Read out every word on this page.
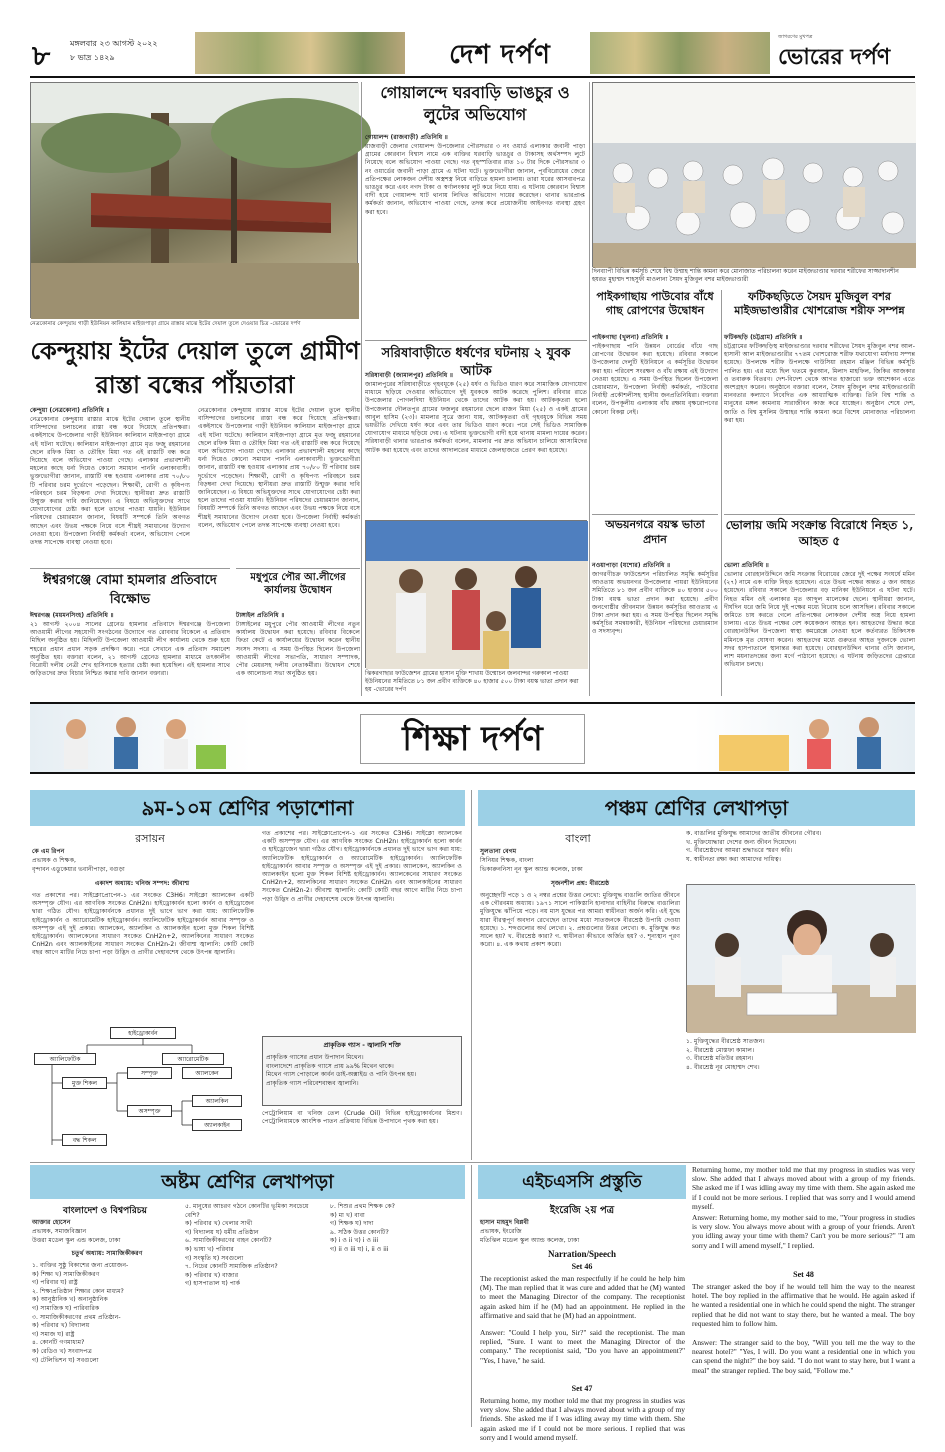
৮ মঙ্গলবার ২৩ আগস্ট ২০২২
৮ ভাদ্র ১৪২৯	দেশ দর্পণ
জাগরণের মুখপত্র
ভোরের দর্পণ
নেত্রকোনার কেন্দুয়ায় গাড়ী ইউনিয়ন কালিয়ান মাইজপাড়া গ্রামে রাস্তার মাঝে ইটের দেয়াল তুলে দেওয়ার চিত্র -ভোরের দর্পণ
গোয়ালন্দে ঘরবাড়ি ভাঙচুর ও লুটের অভিযোগ
গোয়ালন্দ (রাজবাড়ী) প্রতিনিধি ॥
রাজবাড়ী জেলার গোয়ালন্দ উপজেলার পৌরসভার ৩ নং ওয়ার্ড এলাকার জবানী পাড়া গ্রামের কোরবান বিশ্বাস নামে এক ব্যক্তির ঘরবাড়ি ভাঙচুর ও টাকাসহ অর্থসম্পদ লুটে নিয়েছে বলে অভিযোগ পাওয়া গেছে। গত বৃহস্পতিবার রাত ১০ টার দিকে পৌরসভার ৩ নং ওয়ার্ডের জবানী পাড়া গ্রামে এ ঘটনা ঘটে। ভুক্তভোগীরা জানান, পূর্ববিরোধের জেরে প্রতিপক্ষের লোকজন দেশীয় অস্ত্রশস্ত্র নিয়ে বাড়িতে হামলা চালায়। তারা ঘরের আসবাবপত্র ভাঙচুর করে এবং নগদ টাকা ও স্বর্ণালংকার লুট করে নিয়ে যায়। এ ঘটনায় কোরবান বিশ্বাস বাদী হয়ে গোয়ালন্দ ঘাট থানায় লিখিত অভিযোগ দায়ের করেছেন। থানার ভারপ্রাপ্ত কর্মকর্তা জানান, অভিযোগ পাওয়া গেছে, তদন্ত করে প্রয়োজনীয় আইনগত ব্যবস্থা গ্রহণ করা হবে।
দিনব্যাপী বিভিন্ন কর্মসূচি শেষে বিশ্ব উম্মাহ শান্তি কামনা করে মোনাজাত পরিচালনা করেন মাইজভাণ্ডার দরবার শরীফের সাজ্জাদানশীন হযরত মুহাম্মদ শাহসুফী মাওলানা সৈয়দ মুজিবুল বশর মাইজভাণ্ডারী
কেন্দুয়ায় ইটের দেয়াল তুলে গ্রামীণ রাস্তা বন্ধের পাঁয়তারা
কেন্দুয়া (নেত্রকোনা) প্রতিনিধি ॥
নেত্রকোনার কেন্দুয়ায় রাস্তার মাঝে ইটের দেয়াল তুলে স্থানীয় বাসিন্দাদের চলাচলের রাস্তা বন্ধ করে দিয়েছে প্রতিপক্ষরা। একইসাথে উপজেলার গাড়ী ইউনিয়ন কালিয়ান মাইজপাড়া গ্রামে এই ঘটনা ঘটেছে। কালিয়ান মাইজপাড়া গ্রামে মৃত ফজু রহমানের ছেলে রফিক মিয়া ও তৌহিদ মিয়া গত এই রাস্তাটি বন্ধ করে দিয়েছে বলে অভিযোগ পাওয়া গেছে। এলাকার প্রভাবশালী মহলের কাছে ধর্না দিয়েও কোনো সমাধান পাননি এলাকাবাসী। ভুক্তভোগীরা জানান, রাস্তাটি বন্ধ হওয়ায় এলাকার প্রায় ৭০/৮০ টি পরিবার চরম দুর্ভোগে পড়েছেন। শিক্ষার্থী, রোগী ও কৃষিপণ্য পরিবহনে চরম বিড়ম্বনা দেখা দিয়েছে। স্থানীয়রা দ্রুত রাস্তাটি উন্মুক্ত করার দাবি জানিয়েছেন। এ বিষয়ে অভিযুক্তদের সাথে যোগাযোগের চেষ্টা করা হলে তাদের পাওয়া যায়নি। ইউনিয়ন পরিষদের চেয়ারম্যান জানান, বিষয়টি সম্পর্কে তিনি অবগত আছেন এবং উভয় পক্ষকে নিয়ে বসে শীঘ্রই সমাধানের উদ্যোগ নেওয়া হবে। উপজেলা নির্বাহী কর্মকর্তা বলেন, অভিযোগ পেলে তদন্ত সাপেক্ষে ব্যবস্থা নেওয়া হবে।
নেত্রকোনার কেন্দুয়ায় রাস্তার মাঝে ইটের দেয়াল তুলে স্থানীয় বাসিন্দাদের চলাচলের রাস্তা বন্ধ করে দিয়েছে প্রতিপক্ষরা। একইসাথে উপজেলার গাড়ী ইউনিয়ন কালিয়ান মাইজপাড়া গ্রামে এই ঘটনা ঘটেছে। কালিয়ান মাইজপাড়া গ্রামে মৃত ফজু রহমানের ছেলে রফিক মিয়া ও তৌহিদ মিয়া গত এই রাস্তাটি বন্ধ করে দিয়েছে বলে অভিযোগ পাওয়া গেছে। এলাকার প্রভাবশালী মহলের কাছে ধর্না দিয়েও কোনো সমাধান পাননি এলাকাবাসী। ভুক্তভোগীরা জানান, রাস্তাটি বন্ধ হওয়ায় এলাকার প্রায় ৭০/৮০ টি পরিবার চরম দুর্ভোগে পড়েছেন। শিক্ষার্থী, রোগী ও কৃষিপণ্য পরিবহনে চরম বিড়ম্বনা দেখা দিয়েছে। স্থানীয়রা দ্রুত রাস্তাটি উন্মুক্ত করার দাবি জানিয়েছেন। এ বিষয়ে অভিযুক্তদের সাথে যোগাযোগের চেষ্টা করা হলে তাদের পাওয়া যায়নি। ইউনিয়ন পরিষদের চেয়ারম্যান জানান, বিষয়টি সম্পর্কে তিনি অবগত আছেন এবং উভয় পক্ষকে নিয়ে বসে শীঘ্রই সমাধানের উদ্যোগ নেওয়া হবে। উপজেলা নির্বাহী কর্মকর্তা বলেন, অভিযোগ পেলে তদন্ত সাপেক্ষে ব্যবস্থা নেওয়া হবে।
সরিষাবাড়ীতে ধর্ষণের ঘটনায় ২ যুবক আটক
সরিষাবাড়ী (জামালপুর) প্রতিনিধি ॥
জামালপুরের সরিষাবাড়ীতে গৃহবধূকে (২৫) ধর্ষণ ও ভিডিও ধারণ করে সামাজিক যোগাযোগ মাধ্যমে ছড়িয়ে দেওয়ার অভিযোগে দুই যুবককে আটক করেছে পুলিশ। রবিবার রাতে উপজেলার পোগলদিঘা ইউনিয়ন থেকে তাদের আটক করা হয়। আটককৃতরা হলো উপজেলার দৌলতপুর গ্রামের ফজলুর রহমানের ছেলে রাজন মিয়া (২৫) ও একই গ্রামের আবুল হাসিম (২৩)। মামলার সূত্রে জানা যায়, আটককৃতরা ওই গৃহবধূকে বিভিন্ন সময় ভয়ভীতি দেখিয়ে ধর্ষণ করে এবং তার ভিডিও ধারণ করে। পরে সেই ভিডিও সামাজিক যোগাযোগ মাধ্যমে ছড়িয়ে দেয়। এ ঘটনায় ভুক্তভোগী বাদী হয়ে থানায় মামলা দায়ের করেন। সরিষাবাড়ী থানার ভারপ্রাপ্ত কর্মকর্তা বলেন, মামলার পর দ্রুত অভিযান চালিয়ে আসামিদের আটক করা হয়েছে এবং তাদের আদালতের মাধ্যমে জেলহাজতে প্রেরণ করা হয়েছে।
পাইকগাছায় পাউবোর বাঁধে গাছ রোপণের উদ্বোধন
পাইকগাছা (খুলনা) প্রতিনিধি ॥
পাইকগাছায় পানি উন্নয়ন বোর্ডের বাঁধে গাছ রোপণের উদ্বোধন করা হয়েছে। রবিবার সকালে উপজেলার দেলুটি ইউনিয়নে এ কর্মসূচির উদ্বোধন করা হয়। পরিবেশ সংরক্ষণ ও বাঁধ রক্ষায় এই উদ্যোগ নেওয়া হয়েছে। এ সময় উপস্থিত ছিলেন উপজেলা চেয়ারম্যান, উপজেলা নির্বাহী কর্মকর্তা, পাউবোর নির্বাহী প্রকৌশলীসহ স্থানীয় জনপ্রতিনিধিরা। বক্তারা বলেন, উপকূলীয় এলাকায় বাঁধ রক্ষায় বৃক্ষরোপণের কোনো বিকল্প নেই।
ফটিকছড়িতে সৈয়দ মুজিবুল বশর মাইজভাণ্ডারীর খোশরোজ শরীফ সম্পন্ন
ফটিকছড়ি (চট্টগ্রাম) প্রতিনিধি ॥
চট্টগ্রামের ফটিকছড়িস্থ মাইজভাণ্ডার দরবার শরীফের সৈয়দ মুজিবুল বশর আল-হাসানী আল মাইজভাণ্ডারীর ৭৭তম খোশরোজ শরীফ যথাযোগ্য মর্যাদায় সম্পন্ন হয়েছে। উপলক্ষে শরীফ উপলক্ষে গাউসিয়া রহমান মঞ্জিল বিভিন্ন কর্মসূচি পালিত হয়। এর মধ্যে ছিল খতমে কুরআন, মিলাদ মাহফিল, জিকির আজকার ও তবারুক বিতরণ। দেশ-বিদেশ থেকে আগত হাজারো ভক্ত আশেকান এতে অংশগ্রহণ করেন। অনুষ্ঠানে বক্তারা বলেন, সৈয়দ মুজিবুল বশর মাইজভাণ্ডারী মানবতার কল্যাণে নিবেদিত এক আধ্যাত্মিক ব্যক্তিত্ব। তিনি বিশ্ব শান্তি ও মানুষের মঙ্গল কামনায় সারাজীবন কাজ করে যাচ্ছেন। অনুষ্ঠান শেষে দেশ, জাতি ও বিশ্ব মুসলিম উম্মাহর শান্তি কামনা করে বিশেষ মোনাজাত পরিচালনা করা হয়।
ঝিকরগাছার ফাউজেশন গ্রামের হাসান মুক্তি শাখায় উন্মোচন জলবান্দর গরুকাল পাওয়া ইউনিয়নের সমিতিতে ৮১ জন প্রবীণ ব্যক্তিকে ৪০ হাজার ৫০০ টাকা বয়স্ক ভাতা প্রদান করা হয় -ভোরের দর্পণ
অভয়নগরে বয়স্ক ভাতা প্রদান
নওয়াপাড়া (যশোর) প্রতিনিধি ॥
জাগরণীচক্র ফাউন্ডেশন পরিচালিত সমৃদ্ধি কর্মসূচির আওতায় অভয়নগর উপজেলার পায়রা ইউনিয়নের সমিতিতে ৮১ জন প্রবীণ ব্যক্তিকে ৪০ হাজার ৫০০ টাকা বয়স্ক ভাতা প্রদান করা হয়েছে। প্রবীণ জনগোষ্ঠীর জীবনমান উন্নয়ন কর্মসূচির আওতায় এ টাকা প্রদান করা হয়। এ সময় উপস্থিত ছিলেন সমৃদ্ধি কর্মসূচির সমন্বয়কারী, ইউনিয়ন পরিষদের চেয়ারম্যান ও সদস্যবৃন্দ।
ভোলায় জমি সংক্রান্ত বিরোধে নিহত ১, আহত ৫
ভোলা প্রতিনিধি ॥
ভোলার বোরহানউদ্দিনে জমি সংক্রান্ত বিরোধের জেরে দুই পক্ষের সংঘর্ষে মমিন (২৭) নামে এক ব্যক্তি নিহত হয়েছেন। এতে উভয় পক্ষের অন্তত ৫ জন আহত হয়েছেন। রবিবার সকালে উপজেলার বড় মানিকা ইউনিয়নে এ ঘটনা ঘটে। নিহত মমিন ওই এলাকার মৃত আব্দুল মালেকের ছেলে। স্থানীয়রা জানান, দীর্ঘদিন ধরে জমি নিয়ে দুই পক্ষের মধ্যে বিরোধ চলে আসছিল। রবিবার সকালে জমিতে চাষ করতে গেলে প্রতিপক্ষের লোকজন দেশীয় অস্ত্র নিয়ে হামলা চালায়। এতে উভয় পক্ষের বেশ কয়েকজন আহত হন। আহতদের উদ্ধার করে বোরহানউদ্দিন উপজেলা স্বাস্থ্য কমপ্লেক্সে নেওয়া হলে কর্তব্যরত চিকিৎসক মমিনকে মৃত ঘোষণা করেন। আহতদের মধ্যে গুরুতর আহত দুজনকে ভোলা সদর হাসপাতালে স্থানান্তর করা হয়েছে। বোরহানউদ্দিন থানার ওসি জানান, লাশ ময়নাতদন্তের জন্য মর্গে পাঠানো হয়েছে। এ ঘটনায় জড়িতদের গ্রেপ্তারে অভিযান চলছে।
ঈশ্বরগঞ্জে বোমা হামলার প্রতিবাদে বিক্ষোভ
ঈশ্বরগঞ্জ (ময়মনসিংহ) প্রতিনিধি ॥
২১ আগস্ট ২০০৪ সালের গ্রেনেড হামলার প্রতিবাদে ঈশ্বরগঞ্জে উপজেলা আওয়ামী লীগের সহযোগী সংগঠনের উদ্যোগে গত রোববার বিকেলে এ প্রতিবাদ মিছিল অনুষ্ঠিত হয়। মিছিলটি উপজেলা আওয়ামী লীগ কার্যালয় থেকে শুরু হয়ে শহরের প্রধান প্রধান সড়ক প্রদক্ষিণ করে। পরে সেখানে এক প্রতিবাদ সমাবেশ অনুষ্ঠিত হয়। বক্তারা বলেন, ২১ আগস্ট গ্রেনেড হামলার মাধ্যমে তৎকালীন বিরোধী দলীয় নেত্রী শেখ হাসিনাকে হত্যার চেষ্টা করা হয়েছিল। এই হামলার সাথে জড়িতদের দ্রুত বিচার নিশ্চিত করার দাবি জানান বক্তারা।
মধুপুরে পৌর আ.লীগের কার্যালয় উদ্বোধন
টাঙ্গাইল প্রতিনিধি ॥
টাঙ্গাইলের মধুপুরে পৌর আওয়ামী লীগের নতুন কার্যালয় উদ্বোধন করা হয়েছে। রবিবার বিকেলে ফিতা কেটে এ কার্যালয়ের উদ্বোধন করেন স্থানীয় সংসদ সদস্য। এ সময় উপস্থিত ছিলেন উপজেলা আওয়ামী লীগের সভাপতি, সাধারণ সম্পাদক, পৌর মেয়রসহ দলীয় নেতাকর্মীরা। উদ্বোধন শেষে এক আলোচনা সভা অনুষ্ঠিত হয়।
শিক্ষা দর্পণ
৯ম-১০ম শ্রেণির পড়াশোনা
রসায়ন
কে এম রিপন
প্রভাষক ও শিক্ষক,
বৃন্দাবন এডুকেয়ার ভবানীপাড়া, বগুড়া
একাদশ অধ্যায়: খনিজ সম্পদ: জীবাশ্ম
গত প্রকাশের পর। সাইক্লোপ্রোপেন-১ এর সংকেত C3H6। সাইক্লো অ্যালকেন একটি অসম্পৃক্ত যৌগ। এর আণবিক সংকেত CnH2n। হাইড্রোকার্বন হলো কার্বন ও হাইড্রোজেন দ্বারা গঠিত যৌগ। হাইড্রোকার্বনকে প্রধানত দুই ভাগে ভাগ করা যায়: অ্যালিফেটিক হাইড্রোকার্বন ও অ্যারোমেটিক হাইড্রোকার্বন। অ্যালিফেটিক হাইড্রোকার্বন আবার সম্পৃক্ত ও অসম্পৃক্ত এই দুই প্রকার। অ্যালকেন, অ্যালকিন ও অ্যালকাইন হলো মুক্ত শিকল বিশিষ্ট হাইড্রোকার্বন। অ্যালকেনের সাধারণ সংকেত CnH2n+2, অ্যালকিনের সাধারণ সংকেত CnH2n এবং অ্যালকাইনের সাধারণ সংকেত CnH2n-2। জীবাশ্ম জ্বালানি: কোটি কোটি বছর আগে মাটির নিচে চাপা পড়া উদ্ভিদ ও প্রাণীর দেহাবশেষ থেকে উৎপন্ন জ্বালানি।
হাইড্রোকার্বন
অ্যালিফেটিক	অ্যারোমেটিক
মুক্ত শিকল
বদ্ধ শিকল
সম্পৃক্ত
অসম্পৃক্ত
অ্যালকিন
অ্যালকাইন
অ্যালকেন
গত প্রকাশের পর। সাইক্লোপ্রোপেন-১ এর সংকেত C3H6। সাইক্লো অ্যালকেন একটি অসম্পৃক্ত যৌগ। এর আণবিক সংকেত CnH2n। হাইড্রোকার্বন হলো কার্বন ও হাইড্রোজেন দ্বারা গঠিত যৌগ। হাইড্রোকার্বনকে প্রধানত দুই ভাগে ভাগ করা যায়: অ্যালিফেটিক হাইড্রোকার্বন ও অ্যারোমেটিক হাইড্রোকার্বন। অ্যালিফেটিক হাইড্রোকার্বন আবার সম্পৃক্ত ও অসম্পৃক্ত এই দুই প্রকার। অ্যালকেন, অ্যালকিন ও অ্যালকাইন হলো মুক্ত শিকল বিশিষ্ট হাইড্রোকার্বন। অ্যালকেনের সাধারণ সংকেত CnH2n+2, অ্যালকিনের সাধারণ সংকেত CnH2n এবং অ্যালকাইনের সাধারণ সংকেত CnH2n-2। জীবাশ্ম জ্বালানি: কোটি কোটি বছর আগে মাটির নিচে চাপা পড়া উদ্ভিদ ও প্রাণীর দেহাবশেষ থেকে উৎপন্ন জ্বালানি।
প্রাকৃতিক গ্যাস - জ্বালানি শক্তি
প্রাকৃতিক গ্যাসের প্রধান উপাদান মিথেন।
বাংলাদেশে প্রাকৃতিক গ্যাসে প্রায় ৯৯% মিথেন থাকে।
মিথেন গ্যাস পোড়ালে কার্বন ডাই-অক্সাইড ও পানি উৎপন্ন হয়।
প্রাকৃতিক গ্যাস পরিবেশবান্ধব জ্বালানি।
পেট্রোলিয়াম বা খনিজ তেল (Crude Oil) বিভিন্ন হাইড্রোকার্বনের মিশ্রণ। পেট্রোলিয়ামকে আংশিক পাতন প্রক্রিয়ায় বিভিন্ন উপাদানে পৃথক করা হয়।
পঞ্চম শ্রেণির লেখাপড়া
বাংলা
সুলতানা বেগম
সিনিয়র শিক্ষক, বাংলা
ভিকারুননিসা নূন স্কুল অ্যান্ড কলেজ, ঢাকা
সৃজনশীল প্রশ্ন: বীরশ্রেষ্ঠ
অনুচ্ছেদটি পড়ে ১ ও ২ নম্বর প্রশ্নের উত্তর লেখো: মুক্তিযুদ্ধ বাঙালি জাতির জীবনে এক গৌরবময় অধ্যায়। ১৯৭১ সালে পাকিস্তানি হানাদার বাহিনীর বিরুদ্ধে বাঙালিরা মুক্তিযুদ্ধে ঝাঁপিয়ে পড়ে। নয় মাস যুদ্ধের পর আমরা স্বাধীনতা অর্জন করি। এই যুদ্ধে যারা বীরত্বপূর্ণ অবদান রেখেছেন তাদের মধ্যে সাতজনকে বীরশ্রেষ্ঠ উপাধি দেওয়া হয়েছে। ১. শব্দগুলোর অর্থ লেখো। ২. প্রশ্নগুলোর উত্তর লেখো। ক. মুক্তিযুদ্ধ কত সালে হয়? খ. বীরশ্রেষ্ঠ কারা? গ. স্বাধীনতা কীভাবে অর্জিত হয়? ৩. শূন্যস্থান পূরণ করো। ৪. এক কথায় প্রকাশ করো।
ক. বাঙালির মুক্তিযুদ্ধ আমাদের জাতীয় জীবনের গৌরব।
খ. মুক্তিযোদ্ধারা দেশের জন্য জীবন দিয়েছেন।
গ. বীরশ্রেষ্ঠদের আমরা শ্রদ্ধাভরে স্মরণ করি।
ঘ. স্বাধীনতা রক্ষা করা আমাদের দায়িত্ব।
১. মুক্তিযুদ্ধের বীরশ্রেষ্ঠ সাতজন।
২. বীরশ্রেষ্ঠ মোস্তফা কামাল।
৩. বীরশ্রেষ্ঠ মতিউর রহমান।
৪. বীরশ্রেষ্ঠ নূর মোহাম্মদ শেখ।
অষ্টম শ্রেণির লেখাপড়া
বাংলাদেশ ও বিশ্বপরিচয়
আক্তার হোসেন
প্রভাষক, সমাজবিজ্ঞান
উত্তরা মডেল স্কুল এন্ড কলেজ, ঢাকা
চতুর্থ অধ্যায়: সামাজিকীকরণ
১. ব্যক্তির সুষ্ঠু বিকাশের জন্য প্রয়োজন-
ক) শিক্ষা খ) সামাজিকীকরণ
গ) পরিবার ঘ) রাষ্ট্র
২. শিক্ষাপ্রতিষ্ঠান শিক্ষার কোন মাধ্যম?
ক) আনুষ্ঠানিক খ) অনানুষ্ঠানিক
গ) সামাজিক ঘ) পারিবারিক
৩. সামাজিকীকরণের প্রথম প্রতিষ্ঠান-
ক) পরিবার খ) বিদ্যালয়
গ) সমাজ ঘ) রাষ্ট্র
৪. কোনটি গণমাধ্যম?
ক) রেডিও খ) সংবাদপত্র
গ) টেলিভিশন ঘ) সবগুলো
৫. মানুষের আচরণ গঠনে কোনটির ভূমিকা সবচেয়ে বেশি?
ক) পরিবার খ) খেলার সাথী
গ) বিদ্যালয় ঘ) ধর্মীয় প্রতিষ্ঠান
৬. সামাজিকীকরণের বাহন কোনটি?
ক) ভাষা খ) পরিবার
গ) সংস্কৃতি ঘ) সবগুলো
৭. নিচের কোনটি সামাজিক প্রতিষ্ঠান?
ক) পরিবার খ) বাজার
গ) হাসপাতাল ঘ) পার্ক
৮. শিশুর প্রথম শিক্ষক কে?
ক) মা খ) বাবা
গ) শিক্ষক ঘ) দাদা
৯. সঠিক উত্তর কোনটি?
ক) i ও ii খ) i ও iii
গ) ii ও iii ঘ) i, ii ও iii
এইচএসসি প্রস্তুতি
ইংরেজি ২য় পত্র
হাসান মাহমুদ বিপ্লবী
প্রভাষক, ইংরেজি
মতিঝিল মডেল স্কুল অ্যান্ড কলেজ, ঢাকা
Narration/Speech
Set 46
The receptionist asked the man respectfully if he could he help him (M). The man replied that it was cure and added that he (M) wanted to meet the Managing Director of the company. The receptionist again asked him if he (M) had an appointment. He replied in the affirmative and said that he (M) had an appointment.
Answer: "Could I help you, Sir?" said the receptionist. The man replied, "Sure. I want to meet the Managing Director of the company." The receptionist said, "Do you have an appointment?" "Yes, I have," he said.
Set 47
Returning home, my mother told me that my progress in studies was very slow. She added that I always moved about with a group of my friends. She asked me if I was idling away my time with them. She again asked me if I could not be more serious. I replied that was sorry and I would amend myself.
Returning home, my mother told me that my progress in studies was very slow. She added that I always moved about with a group of my friends. She asked me if I was idling away my time with them. She again asked me if I could not be more serious. I replied that was sorry and I would amend myself.
Answer: Returning home, my mother said to me, "Your progress in studies is very slow. You always move about with a group of your friends. Aren't you idling away your time with them? Can't you be more serious?" "I am sorry and I will amend myself," I replied.
Set 48
The stranger asked the boy if he would tell him the way to the nearest hotel. The boy replied in the affirmative that he would. He again asked if he wanted a residential one in which he could spend the night. The stranger replied that he did not want to stay there, but he wanted a meal. The boy requested him to follow him.
Answer: The stranger said to the boy, "Will you tell me the way to the nearest hotel?" "Yes, I will. Do you want a residential one in which you can spend the night?" the boy said. "I do not want to stay here, but I want a meal" the stranger replied. The boy said, "Follow me."
